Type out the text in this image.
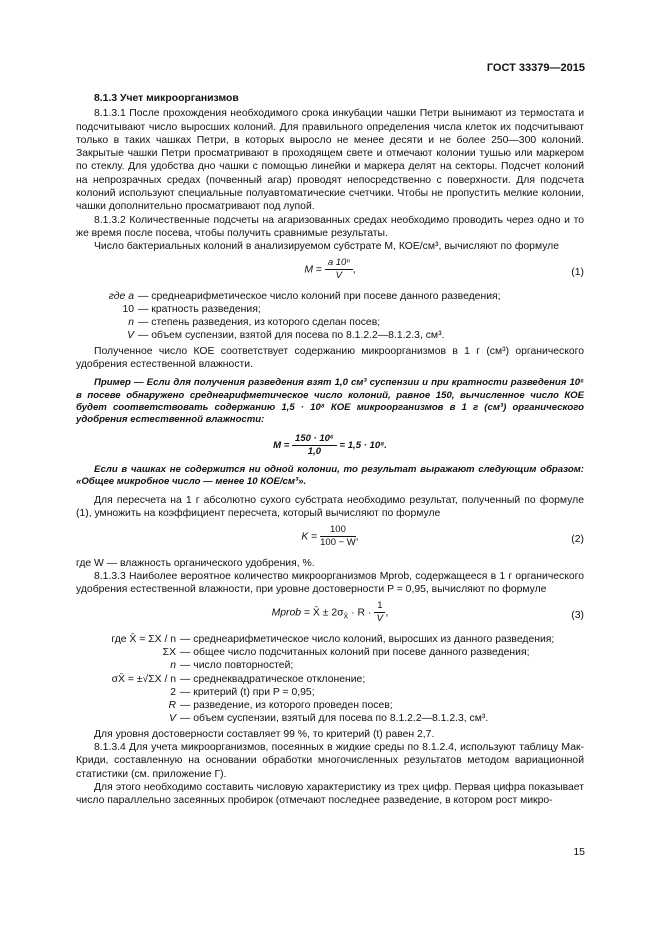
ГОСТ 33379—2015

8.1.3 Учет микроорганизмов

8.1.3.1 После прохождения необходимого срока инкубации чашки Петри вынимают из термостата и подсчитывают число выросших колоний. Для правильного определения числа клеток их подсчитывают только в таких чашках Петри, в которых выросло не менее десяти и не более 250—300 колоний. Закрытые чашки Петри просматривают в проходящем свете и отмечают колонии тушью или маркером по стеклу. Для удобства дно чашки с помощью линейки и маркера делят на секторы. Подсчет колоний на непрозрачных средах (почвенный агар) проводят непосредственно с поверхности. Для подсчета колоний используют специальные полуавтоматические счетчики. Чтобы не пропустить мелкие колонии, чашки дополнительно просматривают под лупой.

8.1.3.2 Количественные подсчеты на агаризованных средах необходимо проводить через одно и то же время после посева, чтобы получить сравнимые результаты.

Число бактериальных колоний в анализируемом субстрате M, КОЕ/см³, вычисляют по формуле

$M = \frac{\text{a 10ⁿ}}{V}$ ,	(1)
где a — среднеарифметическое число колоний при посеве данного разведения;
10 — кратность разведения;
n — степень разведения, из которого сделан посев;
V — объем суспензии, взятой для посева по 8.1.2.2—8.1.2.3, см³.

Полученное число КОЕ соответствует содержанию микроорганизмов в 1 г (см³) органического удобрения естественной влажности.

Пример — Если для получения разведения взят 1,0 см³ суспензии и при кратности разведения 10⁶ в посеве обнаружено среднеарифметическое число колоний, равное 150, вычисленное число КОЕ будет соответствовать содержанию 1,5 · 10⁸ КОЕ микроорганизмов в 1 г (см³) органического удобрения естественной влажности:

$M = \frac{\text{150 · 10⁶}}{1,0} = 1,5 \cdot 10^8$.

Если в чашках не содержится ни одной колонии, то результат выражают следующим образом: «Общее микробное число — менее 10 КОЕ/см³».

Для пересчета на 1 г абсолютно сухого субстрата необходимо результат, полученный по формуле (1), умножить на коэффициент пересчета, который вычисляют по формуле

$K = \frac{100}{100 - W}$ ,	(2)

где W — влажность органического удобрения, %.

8.1.3.3 Наиболее вероятное количество микроорганизмов Mprob, содержащееся в 1 г органического удобрения естественной влажности, при уровне достоверности P = 0,95, вычисляют по формуле

Mprob = X̄ ± $2\sigma_{X̄} \cdot R \cdot \frac{1}{V}$ ,	(3)
где X̄ = ΣX / n — среднеарифметическое число колоний, выросших из данного разведения;
ΣX — общее число подсчитанных колоний при посеве данного разведения;
n — число повторностей;
σX̄ = ±√ΣX / n — среднеквадратическое отклонение;
2 — критерий (t) при P = 0,95;
R — разведение, из которого проведен посев;
V — объем суспензии, взятый для посева по 8.1.2.2—8.1.2.3, см³.

Для уровня достоверности составляет 99 %, то критерий (t) равен 2,7.

8.1.3.4 Для учета микроорганизмов, посеянных в жидкие среды по 8.1.2.4, используют таблицу Мак-Криди, составленную на основании обработки многочисленных результатов методом вариационной статистики (см. приложение Г).

Для этого необходимо составить числовую характеристику из трех цифр. Первая цифра показывает число параллельно засеянных пробирок (отмечают последнее разведение, в котором рост микро-

15
